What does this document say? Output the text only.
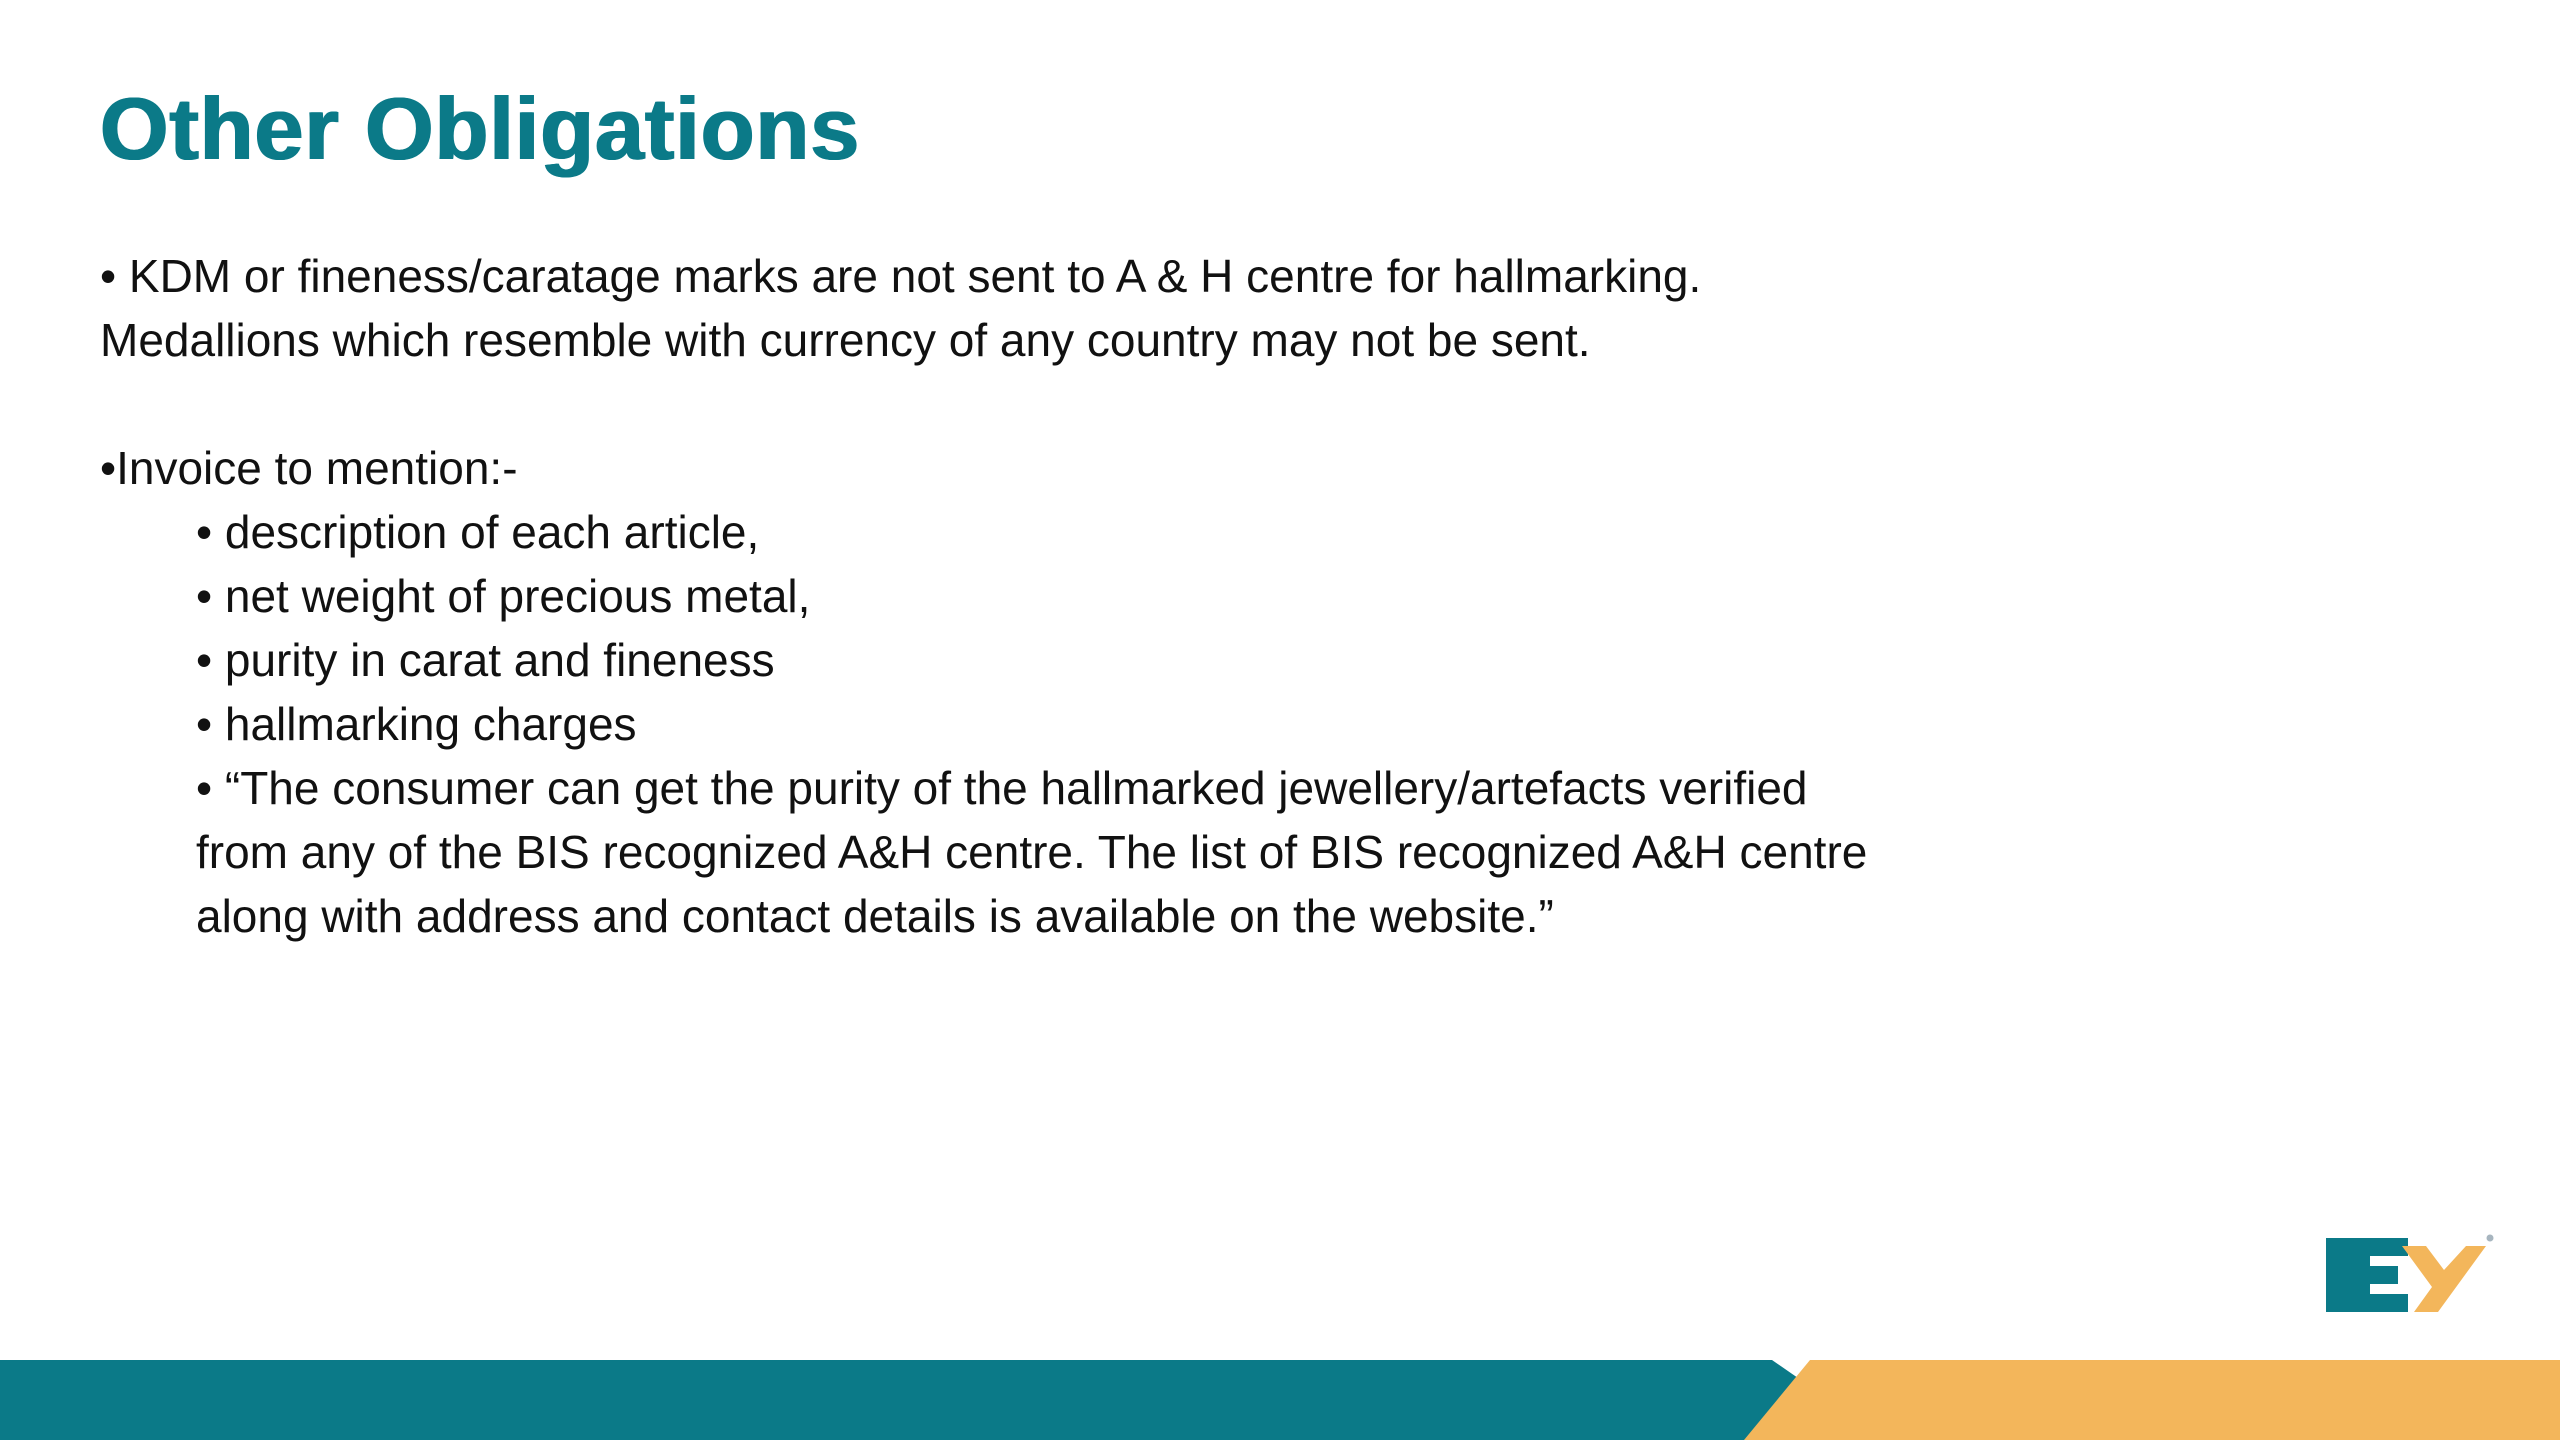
Other Obligations

• KDM or fineness/caratage marks are not sent to A & H centre for hallmarking.

Medallions which resemble with currency of any country may not be sent.

•Invoice to mention:-

• description of each article,
• net weight of precious metal,
• purity in carat and fineness
• hallmarking charges
• “The consumer can get the purity of the hallmarked jewellery/artefacts verified
from any of the BIS recognized A&H centre. The list of BIS recognized A&H centre
along with address and contact details is available on the website.”
